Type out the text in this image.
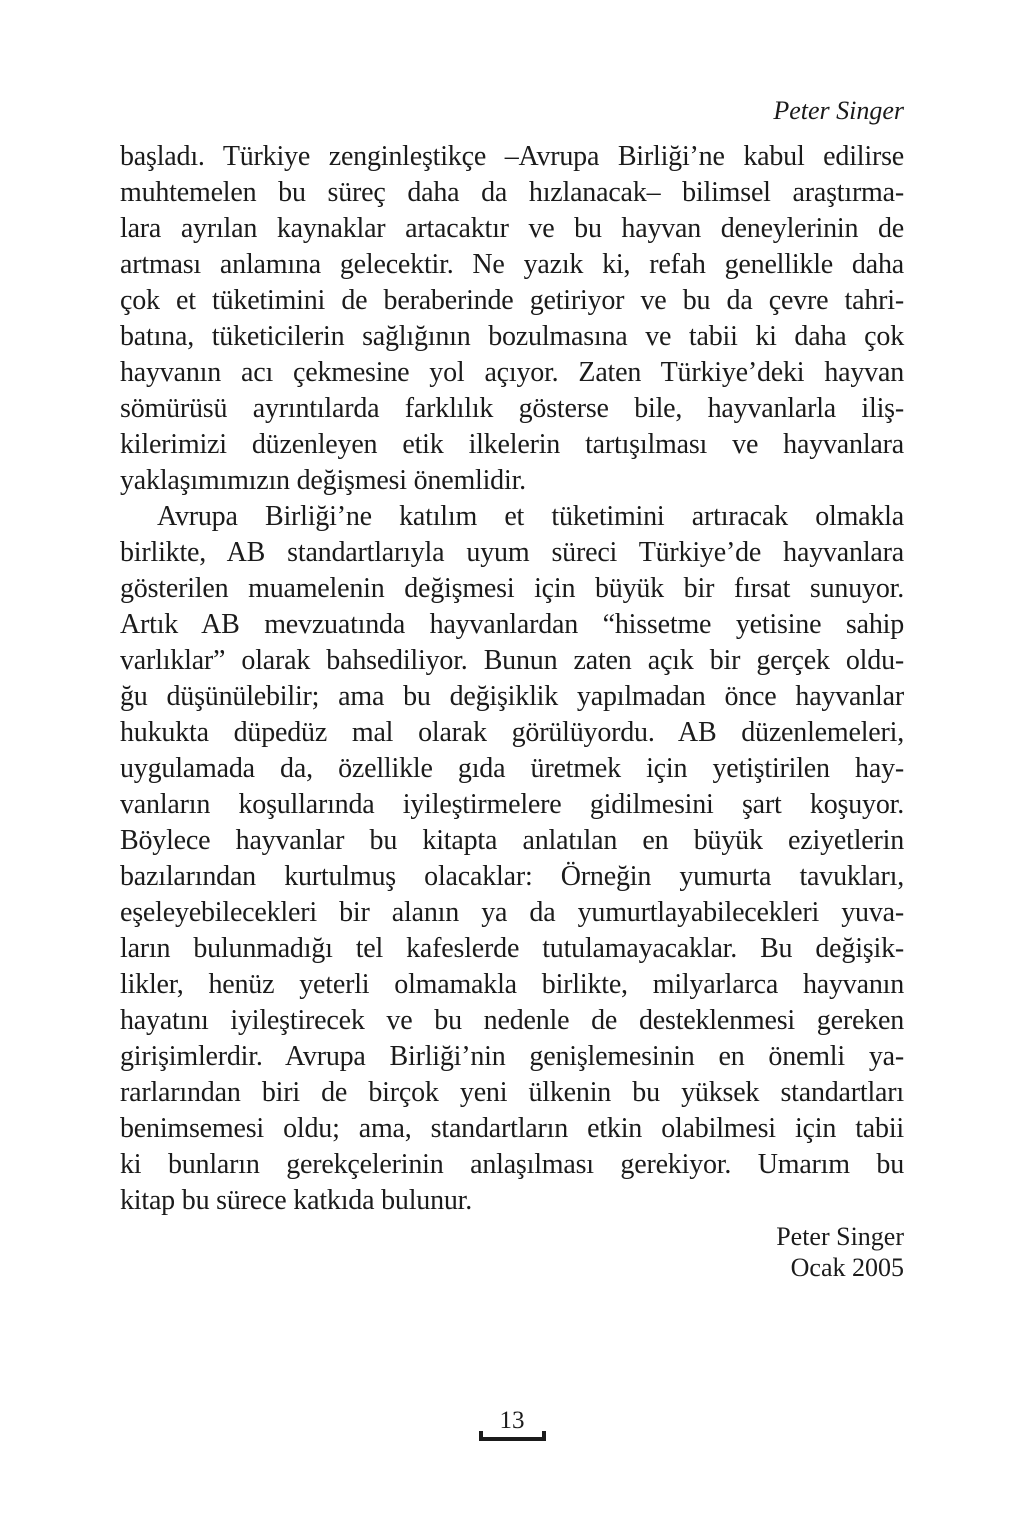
Peter Singer
başladı. Türkiye zenginleştikçe –Avrupa Birliği’ne kabul edilirse
muhtemelen bu süreç daha da hızlanacak– bilimsel araştırma-
lara ayrılan kaynaklar artacaktır ve bu hayvan deneylerinin de
artması anlamına gelecektir. Ne yazık ki, refah genellikle daha
çok et tüketimini de beraberinde getiriyor ve bu da çevre tahri-
batına, tüketicilerin sağlığının bozulmasına ve tabii ki daha çok
hayvanın acı çekmesine yol açıyor. Zaten Türkiye’deki hayvan
sömürüsü ayrıntılarda farklılık gösterse bile, hayvanlarla iliş-
kilerimizi düzenleyen etik ilkelerin tartışılması ve hayvanlara
yaklaşımımızın değişmesi önemlidir.
Avrupa Birliği’ne katılım et tüketimini artıracak olmakla
birlikte, AB standartlarıyla uyum süreci Türkiye’de hayvanlara
gösterilen muamelenin değişmesi için büyük bir fırsat sunuyor.
Artık AB mevzuatında hayvanlardan “hissetme yetisine sahip
varlıklar” olarak bahsediliyor. Bunun zaten açık bir gerçek oldu-
ğu düşünülebilir; ama bu değişiklik yapılmadan önce hayvanlar
hukukta düpedüz mal olarak görülüyordu. AB düzenlemeleri,
uygulamada da, özellikle gıda üretmek için yetiştirilen hay-
vanların koşullarında iyileştirmelere gidilmesini şart koşuyor.
Böylece hayvanlar bu kitapta anlatılan en büyük eziyetlerin
bazılarından kurtulmuş olacaklar: Örneğin yumurta tavukları,
eşeleyebilecekleri bir alanın ya da yumurtlayabilecekleri yuva-
ların bulunmadığı tel kafeslerde tutulamayacaklar. Bu değişik-
likler, henüz yeterli olmamakla birlikte, milyarlarca hayvanın
hayatını iyileştirecek ve bu nedenle de desteklenmesi gereken
girişimlerdir. Avrupa Birliği’nin genişlemesinin en önemli ya-
rarlarından biri de birçok yeni ülkenin bu yüksek standartları
benimsemesi oldu; ama, standartların etkin olabilmesi için tabii
ki bunların gerekçelerinin anlaşılması gerekiyor. Umarım bu
kitap bu sürece katkıda bulunur.
Peter Singer
Ocak 2005
13
